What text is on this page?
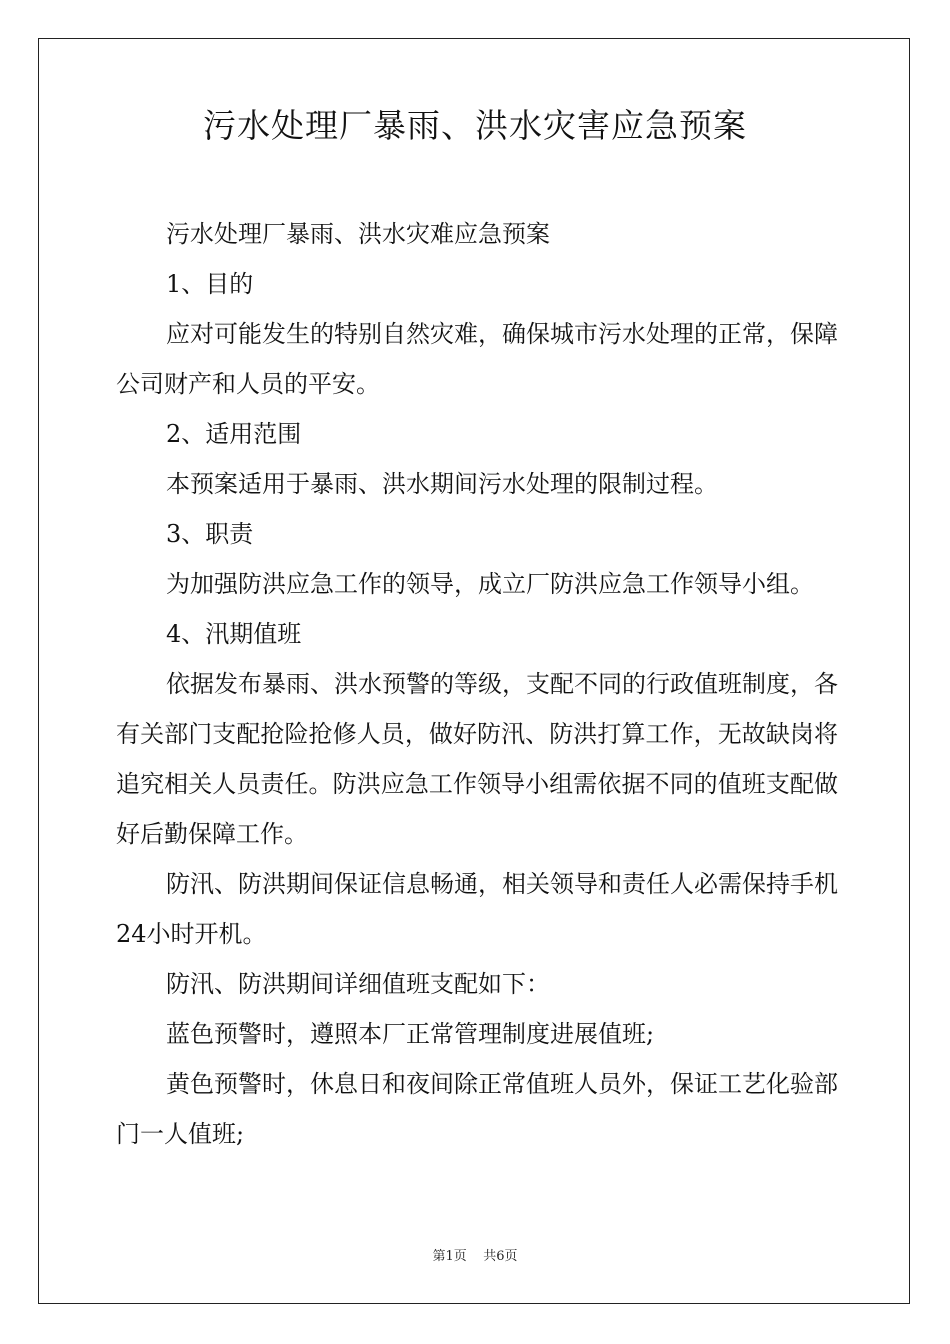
污水处理厂暴雨、洪水灾害应急预案

污水处理厂暴雨、洪水灾难应急预案

1、目的

应对可能发生的特别自然灾难，确保城市污水处理的正常，保障公司财产和人员的平安。

2、适用范围

本预案适用于暴雨、洪水期间污水处理的限制过程。

3、职责

为加强防洪应急工作的领导，成立厂防洪应急工作领导小组。

4、汛期值班

依据发布暴雨、洪水预警的等级，支配不同的行政值班制度，各有关部门支配抢险抢修人员，做好防汛、防洪打算工作，无故缺岗将追究相关人员责任。防洪应急工作领导小组需依据不同的值班支配做好后勤保障工作。

防汛、防洪期间保证信息畅通，相关领导和责任人必需保持手机24小时开机。

防汛、防洪期间详细值班支配如下：

蓝色预警时，遵照本厂正常管理制度进展值班;

黄色预警时，休息日和夜间除正常值班人员外，保证工艺化验部门一人值班;

第1页    共6页
